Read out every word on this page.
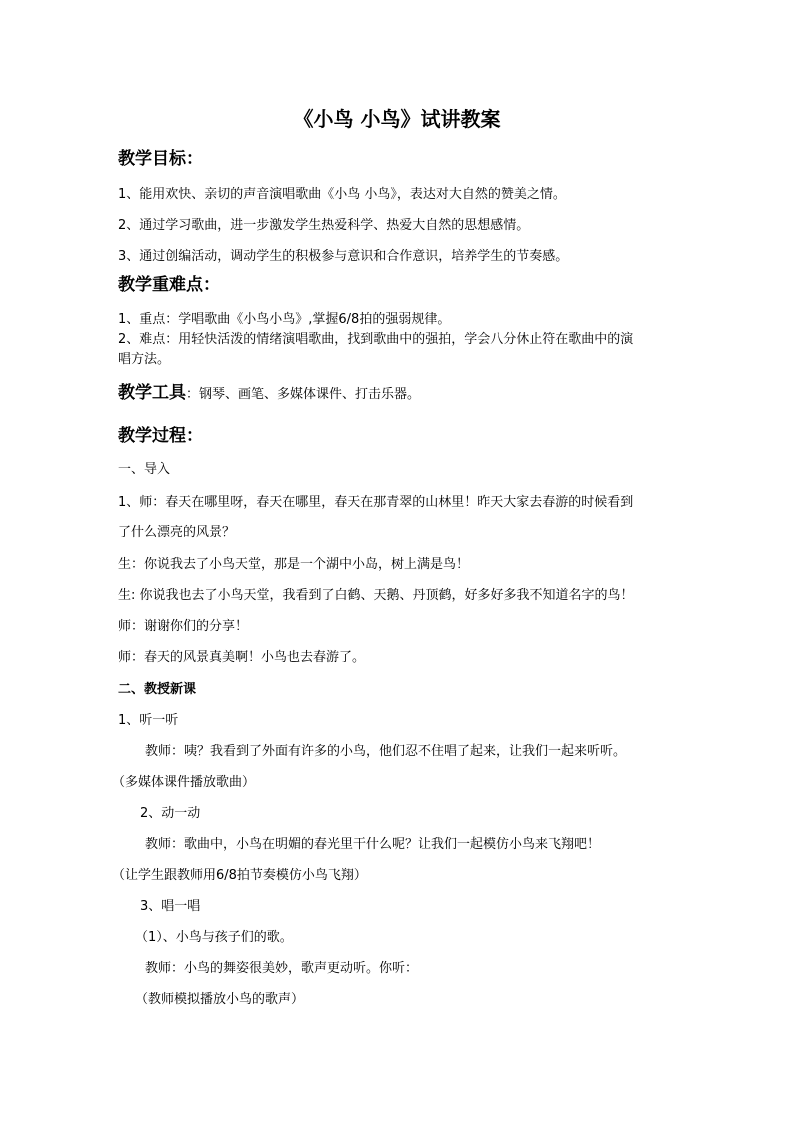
《小鸟 小鸟》试讲教案
教学目标：
1、能用欢快、亲切的声音演唱歌曲《小鸟 小鸟》，表达对大自然的赞美之情。
2、通过学习歌曲，进一步激发学生热爱科学、热爱大自然的思想感情。
3、通过创编活动，调动学生的积极参与意识和合作意识，培养学生的节奏感。
教学重难点：
1、重点：学唱歌曲《小鸟小鸟》,掌握6/8拍的强弱规律。
2、难点：用轻快活泼的情绪演唱歌曲，找到歌曲中的强拍，学会八分休止符在歌曲中的演
唱方法。
教学工具：钢琴、画笔、多媒体课件、打击乐器。
教学过程：
一、导入
1、师：春天在哪里呀，春天在哪里，春天在那青翠的山林里！昨天大家去春游的时候看到
了什么漂亮的风景？
生：你说我去了小鸟天堂，那是一个湖中小岛，树上满是鸟！
生: 你说我也去了小鸟天堂，我看到了白鹤、天鹅、丹顶鹤，好多好多我不知道名字的鸟！
师：谢谢你们的分享！
师：春天的风景真美啊！小鸟也去春游了。
二、教授新课
1、听一听
教师：咦？我看到了外面有许多的小鸟，他们忍不住唱了起来，让我们一起来听听。
（多媒体课件播放歌曲）
2、动一动
教师：歌曲中，小鸟在明媚的春光里干什么呢？让我们一起模仿小鸟来飞翔吧！
（让学生跟教师用6/8拍节奏模仿小鸟飞翔）
3、唱一唱
（1）、小鸟与孩子们的歌。
教师：小鸟的舞姿很美妙，歌声更动听。你听：
（教师模拟播放小鸟的歌声）
